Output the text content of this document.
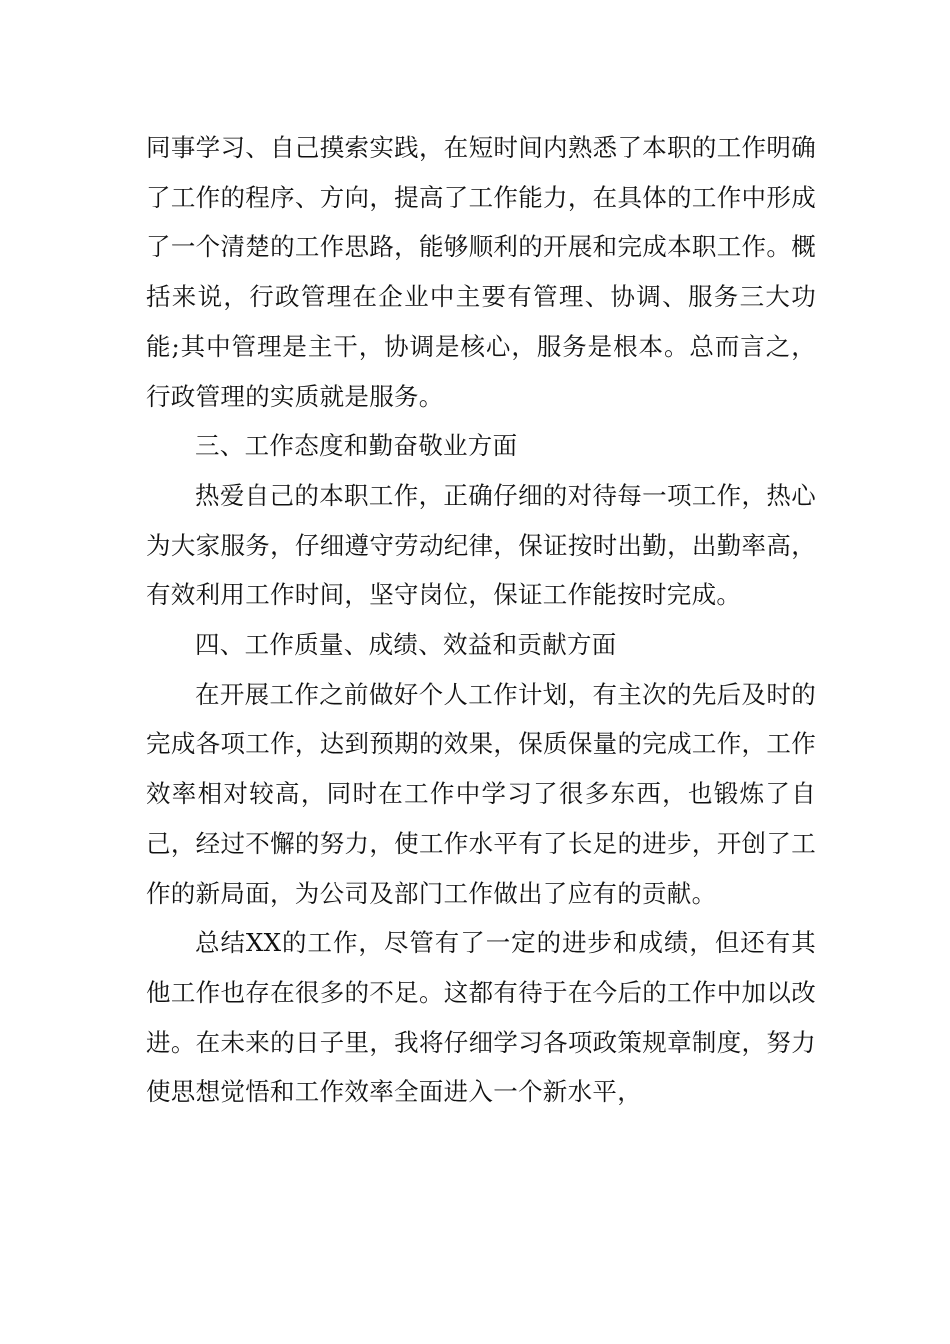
同事学习、自己摸索实践，在短时间内熟悉了本职的工作明确了工作的程序、方向，提高了工作能力，在具体的工作中形成了一个清楚的工作思路，能够顺利的开展和完成本职工作。概括来说，行政管理在企业中主要有管理、协调、服务三大功能;其中管理是主干，协调是核心，服务是根本。总而言之，行政管理的实质就是服务。

三、工作态度和勤奋敬业方面

热爱自己的本职工作，正确仔细的对待每一项工作，热心为大家服务，仔细遵守劳动纪律，保证按时出勤，出勤率高，有效利用工作时间，坚守岗位，保证工作能按时完成。

四、工作质量、成绩、效益和贡献方面

在开展工作之前做好个人工作计划，有主次的先后及时的完成各项工作，达到预期的效果，保质保量的完成工作，工作效率相对较高，同时在工作中学习了很多东西，也锻炼了自己，经过不懈的努力，使工作水平有了长足的进步，开创了工作的新局面，为公司及部门工作做出了应有的贡献。

总结XX的工作，尽管有了一定的进步和成绩，但还有其他工作也存在很多的不足。这都有待于在今后的工作中加以改进。在未来的日子里，我将仔细学习各项政策规章制度，努力使思想觉悟和工作效率全面进入一个新水平，
